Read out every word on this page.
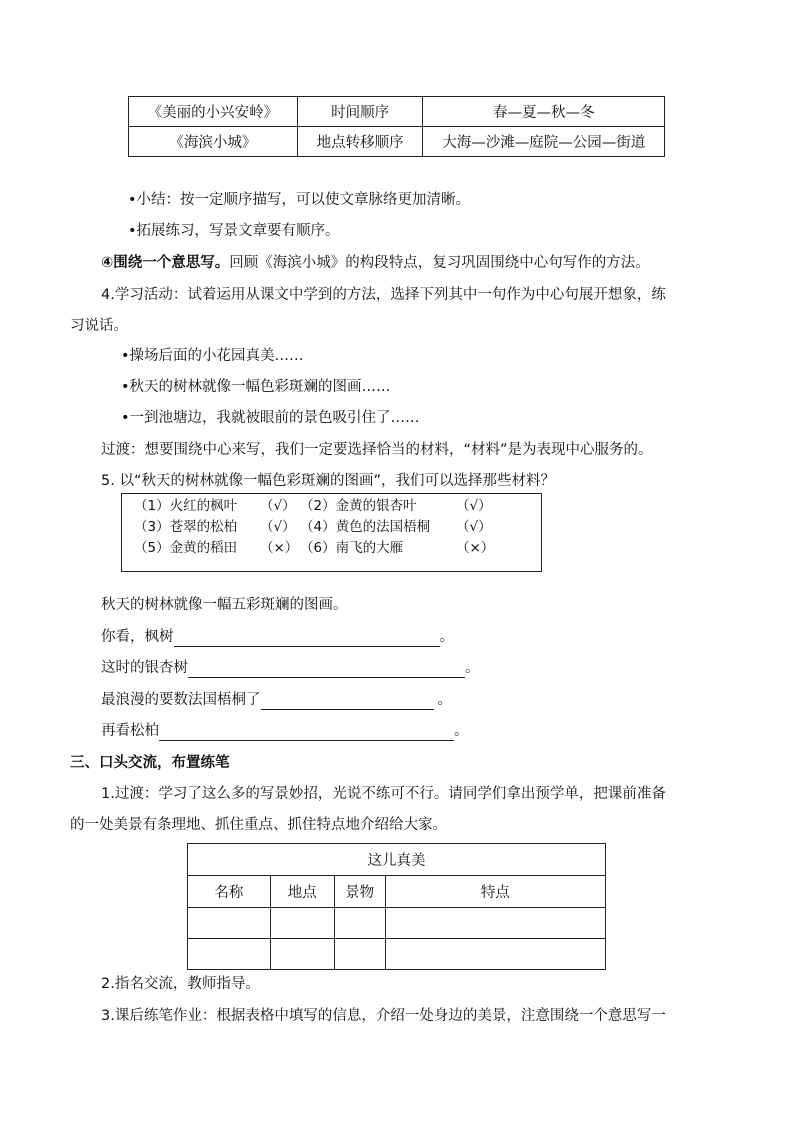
《美丽的小兴安岭》	时间顺序	春—夏—秋—冬
《海滨小城》	地点转移顺序	大海—沙滩—庭院—公园—街道
•小结：按一定顺序描写，可以使文章脉络更加清晰。
•拓展练习，写景文章要有顺序。
④围绕一个意思写。回顾《海滨小城》的构段特点，复习巩固围绕中心句写作的方法。
4.学习活动：试着运用从课文中学到的方法，选择下列其中一句作为中心句展开想象，练
习说话。
•操场后面的小花园真美……
•秋天的树林就像一幅色彩斑斓的图画……
•一到池塘边，我就被眼前的景色吸引住了……
过渡：想要围绕中心来写，我们一定要选择恰当的材料，“材料”是为表现中心服务的。
5. 以“秋天的树林就像一幅色彩斑斓的图画”，我们可以选择那些材料？
（1）火红的枫叶 （√） （2）金黄的银杏叶	（√）
（3）苍翠的松柏 （√） （4）黄色的法国梧桐 （√）
（5）金黄的稻田 （×） （6）南飞的大雁	（×）
秋天的树林就像一幅五彩斑斓的图画。
你看，枫树	。
这时的银杏树	。
最浪漫的要数法国梧桐了	。
再看松柏	。
三、口头交流，布置练笔
1.过渡：学习了这么多的写景妙招，光说不练可不行。请同学们拿出预学单，把课前准备
的一处美景有条理地、抓住重点、抓住特点地介绍给大家。
这儿真美			
名称	地点	景物	特点

2.指名交流，教师指导。
3.课后练笔作业：根据表格中填写的信息，介绍一处身边的美景，注意围绕一个意思写一
